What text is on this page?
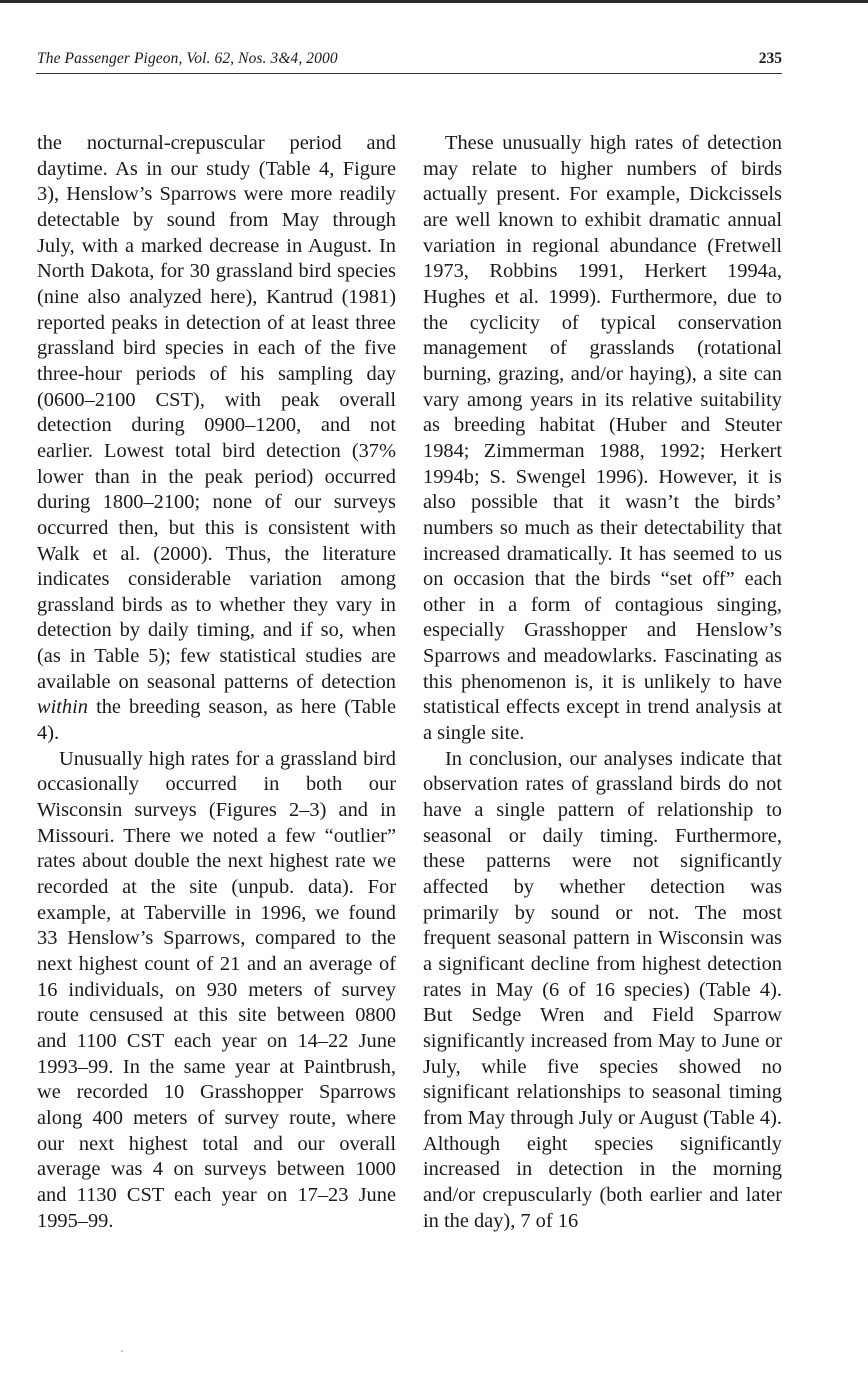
The Passenger Pigeon, Vol. 62, Nos. 3&4, 2000	235

the nocturnal-crepuscular period and daytime. As in our study (Table 4, Figure 3), Henslow’s Sparrows were more readily detectable by sound from May through July, with a marked decrease in August. In North Dakota, for 30 grassland bird species (nine also analyzed here), Kantrud (1981) reported peaks in detection of at least three grassland bird species in each of the five three-hour periods of his sampling day (0600–2100 CST), with peak overall detection during 0900–1200, and not earlier. Lowest total bird detection (37% lower than in the peak period) occurred during 1800–2100; none of our surveys occurred then, but this is consistent with Walk et al. (2000). Thus, the literature indicates considerable variation among grassland birds as to whether they vary in detection by daily timing, and if so, when (as in Table 5); few statistical studies are available on seasonal patterns of detection within the breeding season, as here (Table 4).

Unusually high rates for a grassland bird occasionally occurred in both our Wisconsin surveys (Figures 2–3) and in Missouri. There we noted a few “outlier” rates about double the next highest rate we recorded at the site (unpub. data). For example, at Taberville in 1996, we found 33 Henslow’s Sparrows, compared to the next highest count of 21 and an average of 16 individuals, on 930 meters of survey route censused at this site between 0800 and 1100 CST each year on 14–22 June 1993–99. In the same year at Paintbrush, we recorded 10 Grasshopper Sparrows along 400 meters of survey route, where our next highest total and our overall average was 4 on surveys between 1000 and 1130 CST each year on 17–23 June 1995–99.

These unusually high rates of detection may relate to higher numbers of birds actually present. For example, Dickcissels are well known to exhibit dramatic annual variation in regional abundance (Fretwell 1973, Robbins 1991, Herkert 1994a, Hughes et al. 1999). Furthermore, due to the cyclicity of typical conservation management of grasslands (rotational burning, grazing, and/or haying), a site can vary among years in its relative suitability as breeding habitat (Huber and Steuter 1984; Zimmerman 1988, 1992; Herkert 1994b; S. Swengel 1996). However, it is also possible that it wasn’t the birds’ numbers so much as their detectability that increased dramatically. It has seemed to us on occasion that the birds “set off” each other in a form of contagious singing, especially Grasshopper and Henslow’s Sparrows and meadowlarks. Fascinating as this phenomenon is, it is unlikely to have statistical effects except in trend analysis at a single site.

In conclusion, our analyses indicate that observation rates of grassland birds do not have a single pattern of relationship to seasonal or daily timing. Furthermore, these patterns were not significantly affected by whether detection was primarily by sound or not. The most frequent seasonal pattern in Wisconsin was a significant decline from highest detection rates in May (6 of 16 species) (Table 4). But Sedge Wren and Field Sparrow significantly increased from May to June or July, while five species showed no significant relationships to seasonal timing from May through July or August (Table 4). Although eight species significantly increased in detection in the morning and/or crepuscularly (both earlier and later in the day), 7 of 16
